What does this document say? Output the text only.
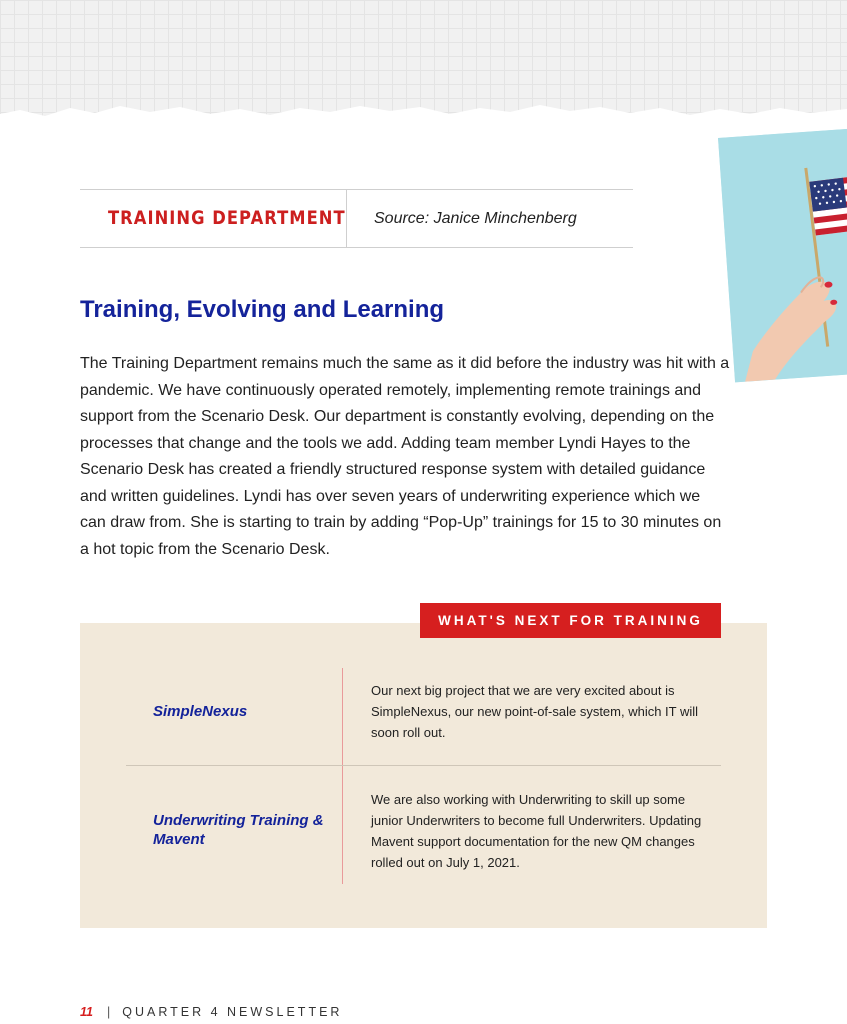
TRAINING DEPARTMENT Source: Janice Minchenberg
Training, Evolving and Learning

The Training Department remains much the same as it did before the industry was hit with a pandemic. We have continuously operated remotely, implementing remote trainings and support from the Scenario Desk. Our department is constantly evolving, depending on the processes that change and the tools we add. Adding team member Lyndi Hayes to the Scenario Desk has created a friendly structured response system with detailed guidance and written guidelines. Lyndi has over seven years of underwriting experience which we can draw from. She is starting to train by adding “Pop-Up” trainings for 15 to 30 minutes on a hot topic from the Scenario Desk.

WHAT'S NEXT FOR TRAINING

SimpleNexus

Our next big project that we are very excited about is SimpleNexus, our new point-of-sale system, which IT will soon roll out.

Underwriting Training & Mavent

We are also working with Underwriting to skill up some junior Underwriters to become full Underwriters. Updating Mavent support documentation for the new QM changes rolled out on July 1, 2021.

11 | QUARTER 4 NEWSLETTER
